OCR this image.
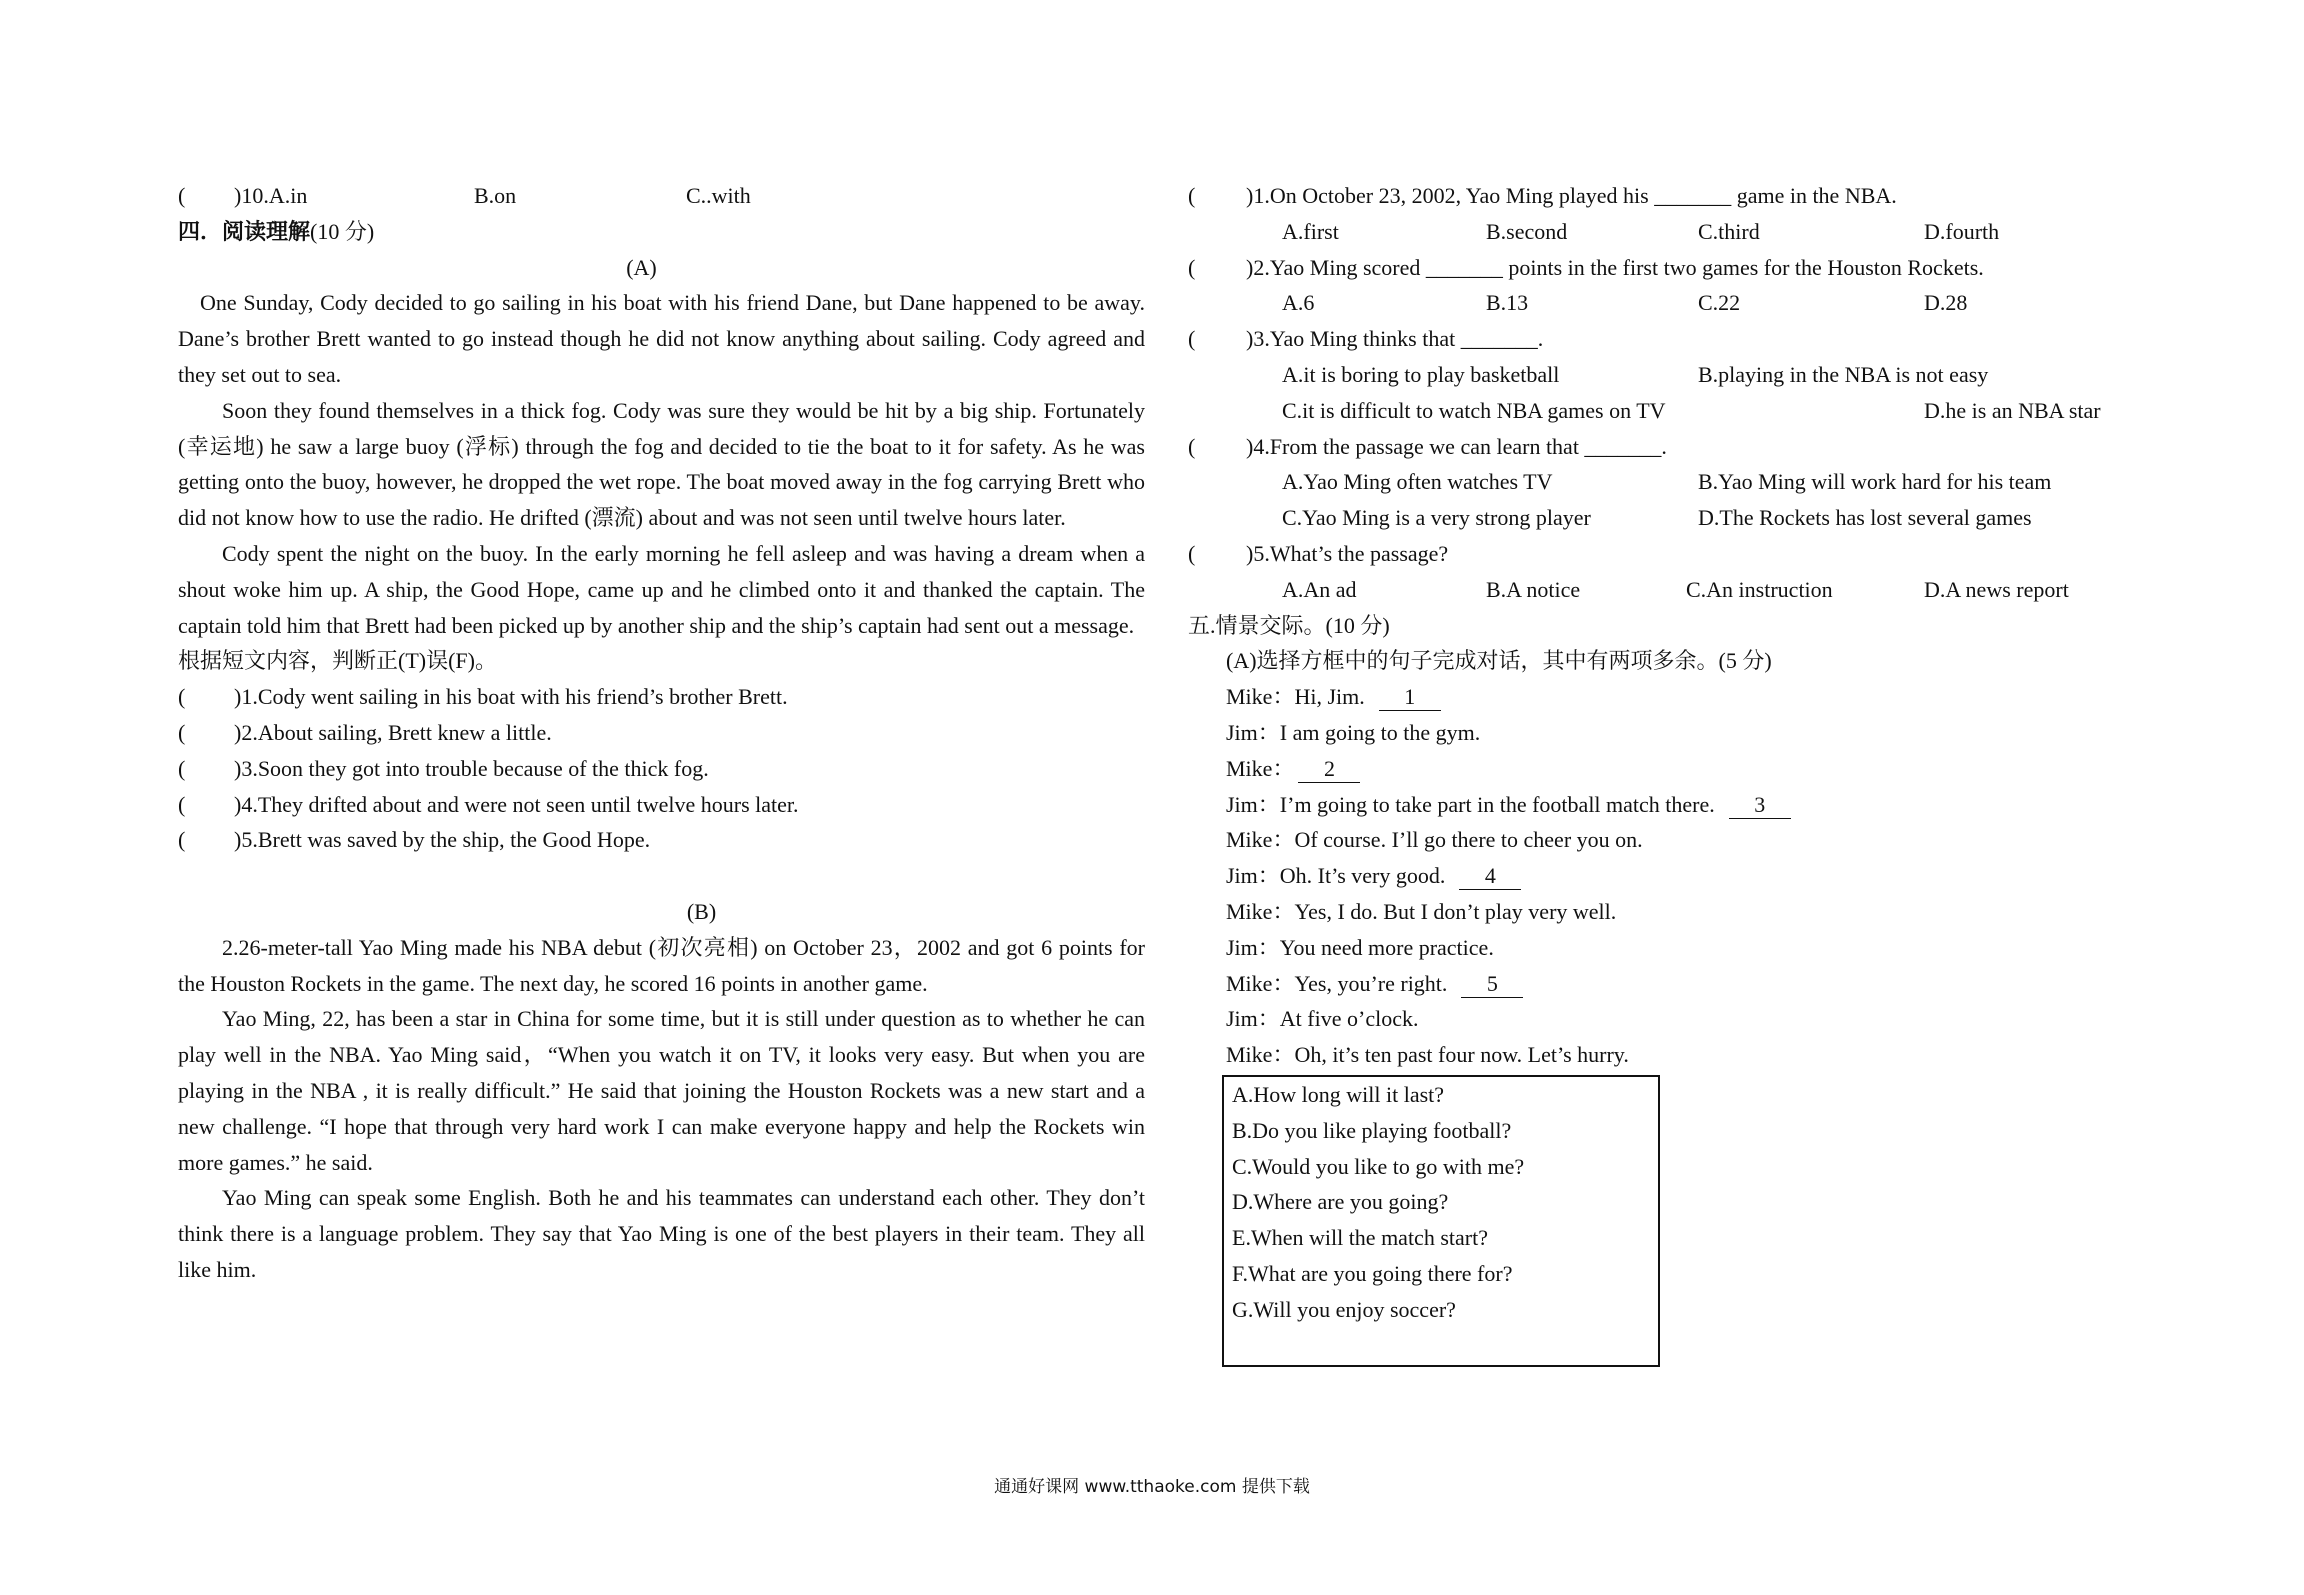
( )10.A.in	B.on	C..with
四．阅读理解(10 分)
(A)

One Sunday, Cody decided to go sailing in his boat with his friend Dane, but Dane happened to be away. Dane’s brother Brett wanted to go instead though he did not know anything about sailing. Cody agreed and they set out to sea.

Soon they found themselves in a thick fog. Cody was sure they would be hit by a big ship. Fortunately (幸运地) he saw a large buoy (浮标) through the fog and decided to tie the boat to it for safety. As he was getting onto the buoy, however, he dropped the wet rope. The boat moved away in the fog carrying Brett who did not know how to use the radio. He drifted (漂流) about and was not seen until twelve hours later.

Cody spent the night on the buoy. In the early morning he fell asleep and was having a dream when a shout woke him up. A ship, the Good Hope, came up and he climbed onto it and thanked the captain. The captain told him that Brett had been picked up by another ship and the ship’s captain had sent out a message.

根据短文内容，判断正(T)误(F)。
( )1.Cody went sailing in his boat with his friend’s brother Brett.
( )2.About sailing, Brett knew a little.
( )3.Soon they got into trouble because of the thick fog.
( )4.They drifted about and were not seen until twelve hours later.
( )5.Brett was saved by the ship, the Good Hope.
(B)

2.26-meter-tall Yao Ming made his NBA debut (初次亮相) on October 23，2002 and got 6 points for the Houston Rockets in the game. The next day, he scored 16 points in another game.

Yao Ming, 22, has been a star in China for some time, but it is still under question as to whether he can play well in the NBA. Yao Ming said，“When you watch it on TV, it looks very easy. But when you are playing in the NBA , it is really difficult.” He said that joining the Houston Rockets was a new start and a new challenge. “I hope that through very hard work I can make everyone happy and help the Rockets win more games.” he said.

Yao Ming can speak some English. Both he and his teammates can understand each other. They don’t think there is a language problem. They say that Yao Ming is one of the best players in their team. They all like him.

( )1.On October 23, 2002, Yao Ming played his _______ game in the NBA.
A.first	B.second	C.third	D.fourth
( )2.Yao Ming scored _______ points in the first two games for the Houston Rockets.
A.6	B.13	C.22	D.28
( )3.Yao Ming thinks that _______.
A.it is boring to play basketball	B.playing in the NBA is not easy
C.it is difficult to watch NBA games on TV	D.he is an NBA star
( )4.From the passage we can learn that _______.
A.Yao Ming often watches TV	B.Yao Ming will work hard for his team
C.Yao Ming is a very strong player	D.The Rockets has lost several games
( )5.What’s the passage?
A.An ad	B.A notice	C.An instruction	D.A news report
五.情景交际。(10 分)
(A)选择方框中的句子完成对话，其中有两项多余。(5 分)
Mike：Hi, Jim. 1
Jim：I am going to the gym.
Mike： 2
Jim：I’m going to take part in the football match there. 3
Mike：Of course. I’ll go there to cheer you on.
Jim：Oh. It’s very good. 4
Mike：Yes, I do. But I don’t play very well.
Jim：You need more practice.
Mike：Yes, you’re right. 5
Jim：At five o’clock.
Mike：Oh, it’s ten past four now. Let’s hurry.
A.How long will it last?
B.Do you like playing football?
C.Would you like to go with me?
D.Where are you going?
E.When will the match start?
F.What are you going there for?
G.Will you enjoy soccer?
通通好课网 www.tthaoke.com 提供下载
